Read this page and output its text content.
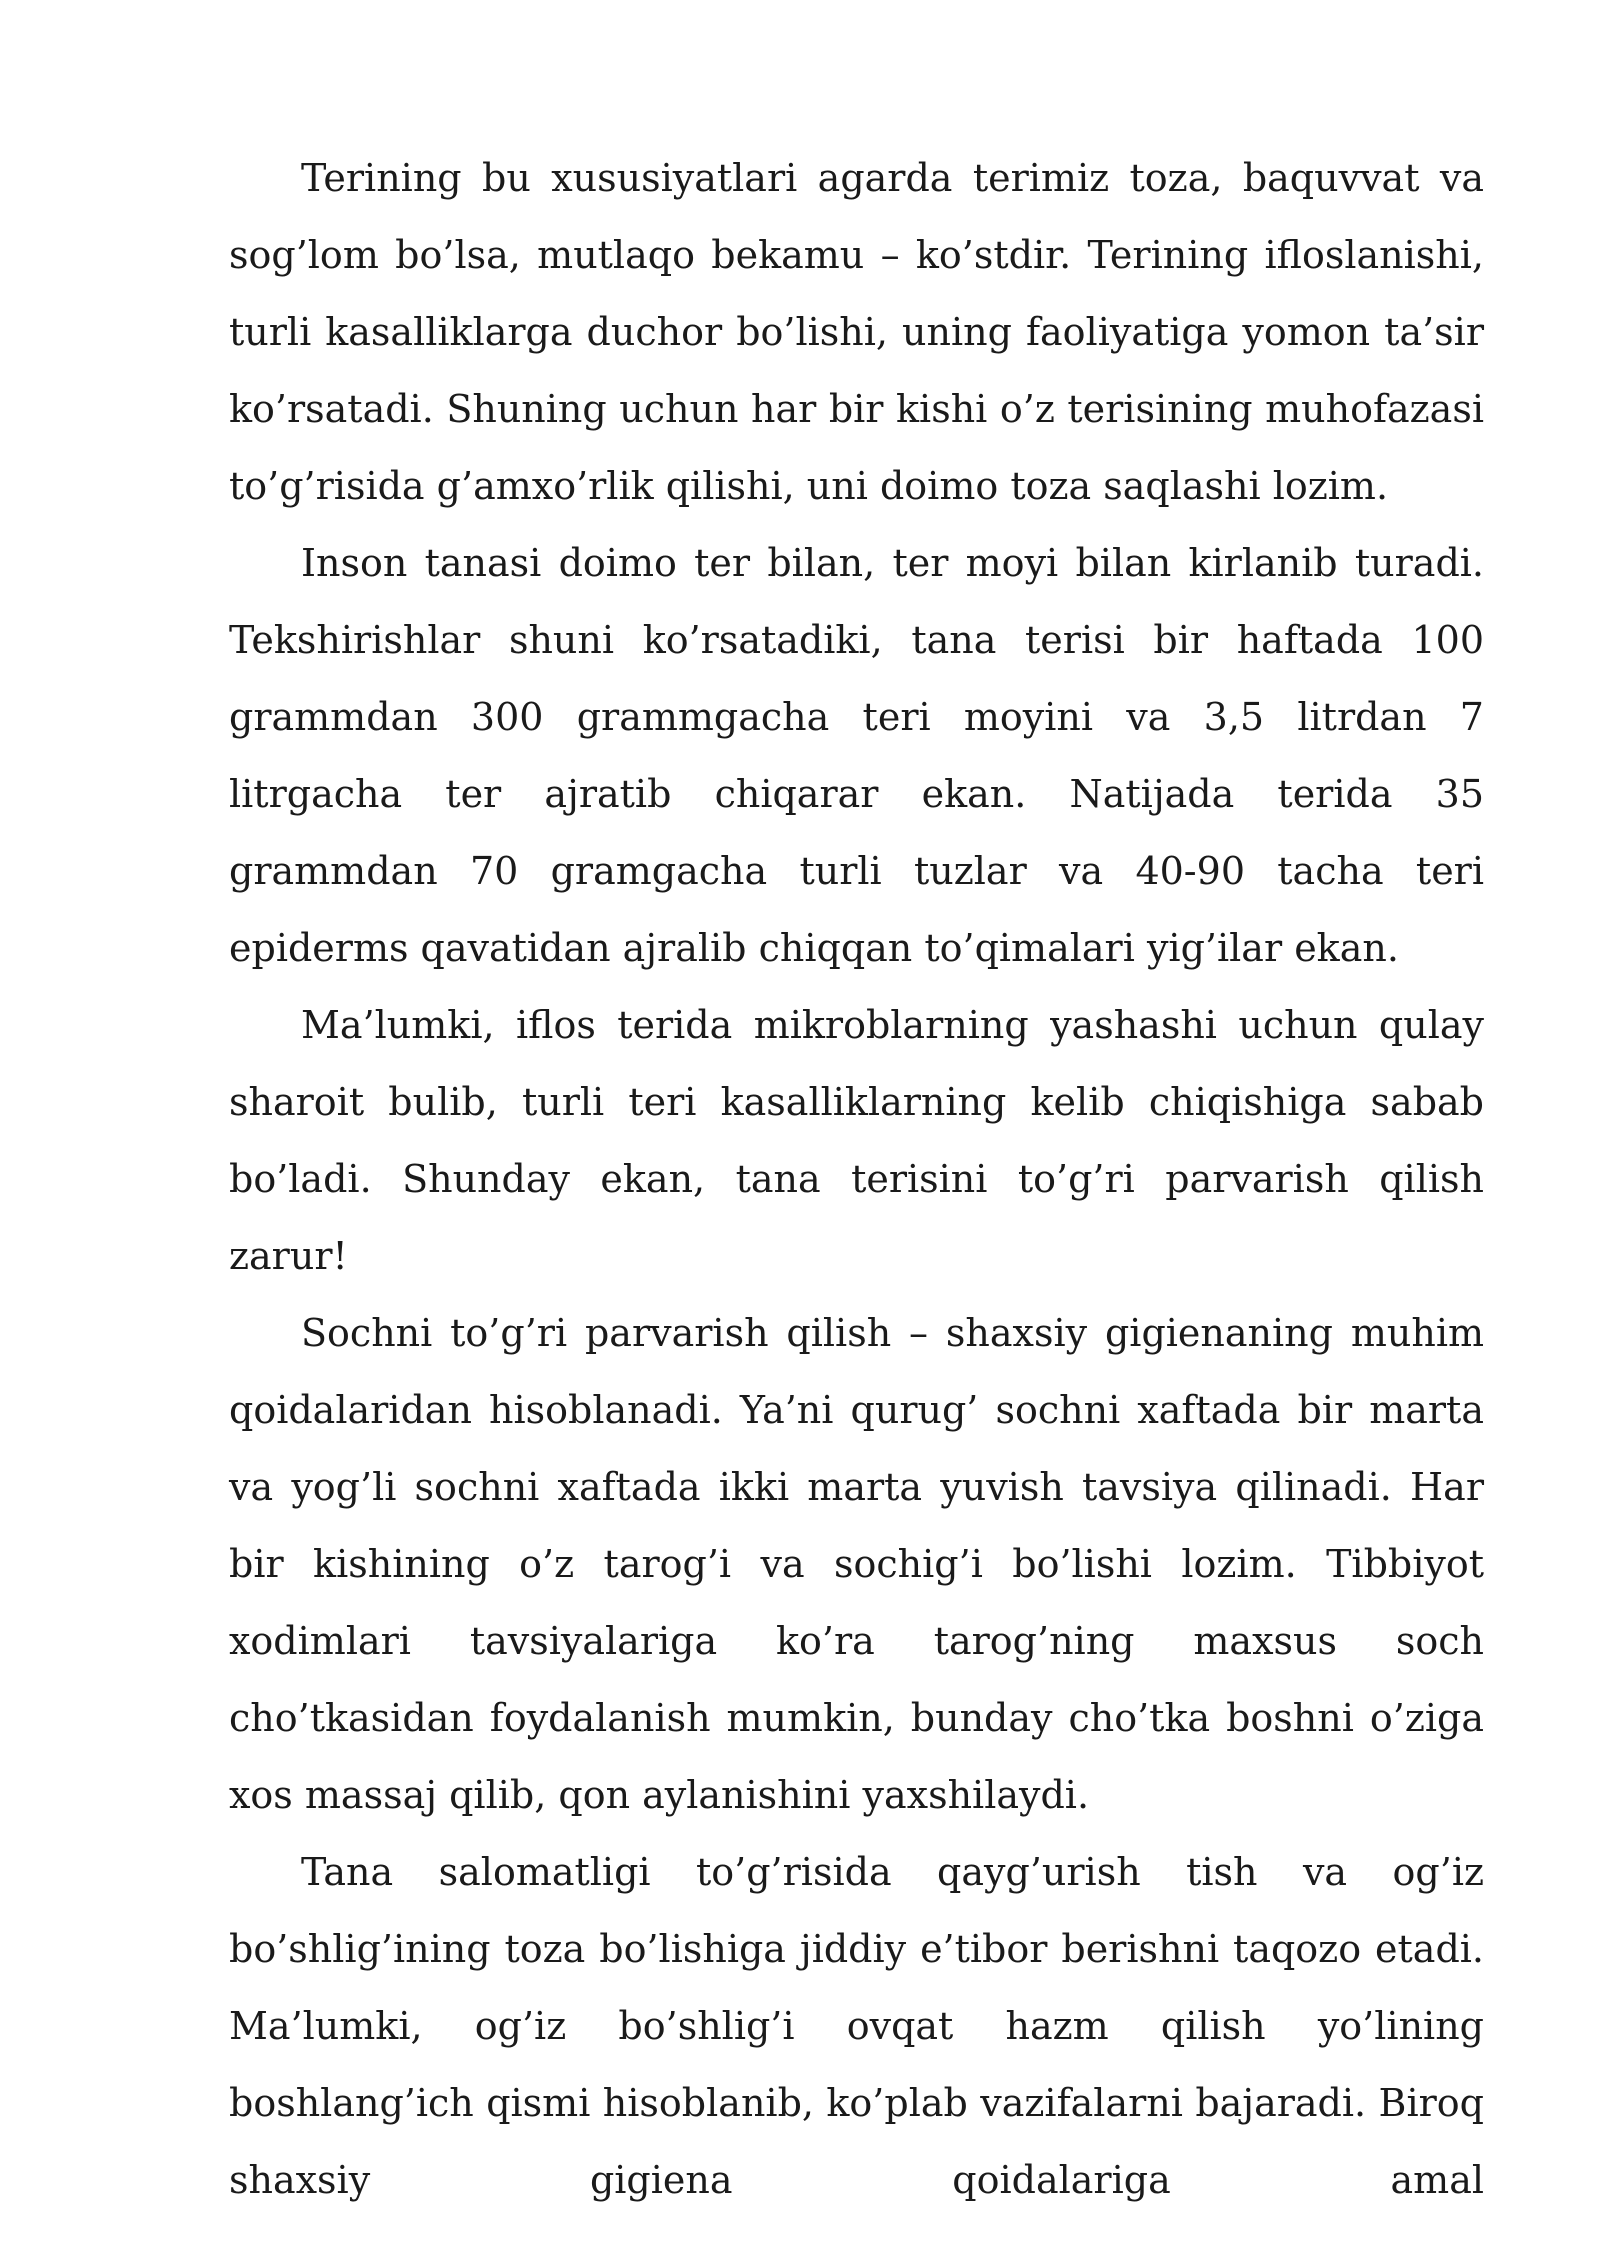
Terining bu xususiyatlari agarda terimiz toza, baquvvat va sog’lom bo’lsa, mutlaqo bekamu – ko’stdir. Terining ifloslanishi, turli kasalliklarga duchor bo’lishi, uning faoliyatiga yomon ta’sir ko’rsatadi. Shuning uchun har bir kishi o’z terisining muhofazasi to’g’risida g’amxo’rlik qilishi, uni doimo toza saqlashi lozim.

Inson tanasi doimo ter bilan, ter moyi bilan kirlanib turadi. Tekshirishlar shuni ko’rsatadiki, tana terisi bir haftada 100 grammdan 300 grammgacha teri moyini va 3,5 litrdan 7 litrgacha ter ajratib chiqarar ekan. Natijada terida 35 grammdan 70 gramgacha turli tuzlar va 40-90 tacha teri epiderms qavatidan ajralib chiqqan to’qimalari yig’ilar ekan.

Ma’lumki, iflos terida mikroblarning yashashi uchun qulay sharoit bulib, turli teri kasalliklarning kelib chiqishiga sabab bo’ladi. Shunday ekan, tana terisini to’g’ri parvarish qilish zarur!

Sochni to’g’ri parvarish qilish – shaxsiy gigienaning muhim qoidalaridan hisoblanadi. Ya’ni qurug’ sochni xaftada bir marta va yog’li sochni xaftada ikki marta yuvish tavsiya qilinadi. Har bir kishining o’z tarog’i va sochig’i bo’lishi lozim. Tibbiyot xodimlari tavsiyalariga ko’ra tarog’ning maxsus soch cho’tkasidan foydalanish mumkin, bunday cho’tka boshni o’ziga xos massaj qilib, qon aylanishini yaxshilaydi.

Tana salomatligi to’g’risida qayg’urish tish va og’iz bo’shlig’ining toza bo’lishiga jiddiy e’tibor berishni taqozo etadi. Ma’lumki, og’iz bo’shlig’i ovqat hazm qilish yo’lining boshlang’ich qismi hisoblanib, ko’plab vazifalarni bajaradi. Biroq shaxsiy gigiena qoidalariga amal
